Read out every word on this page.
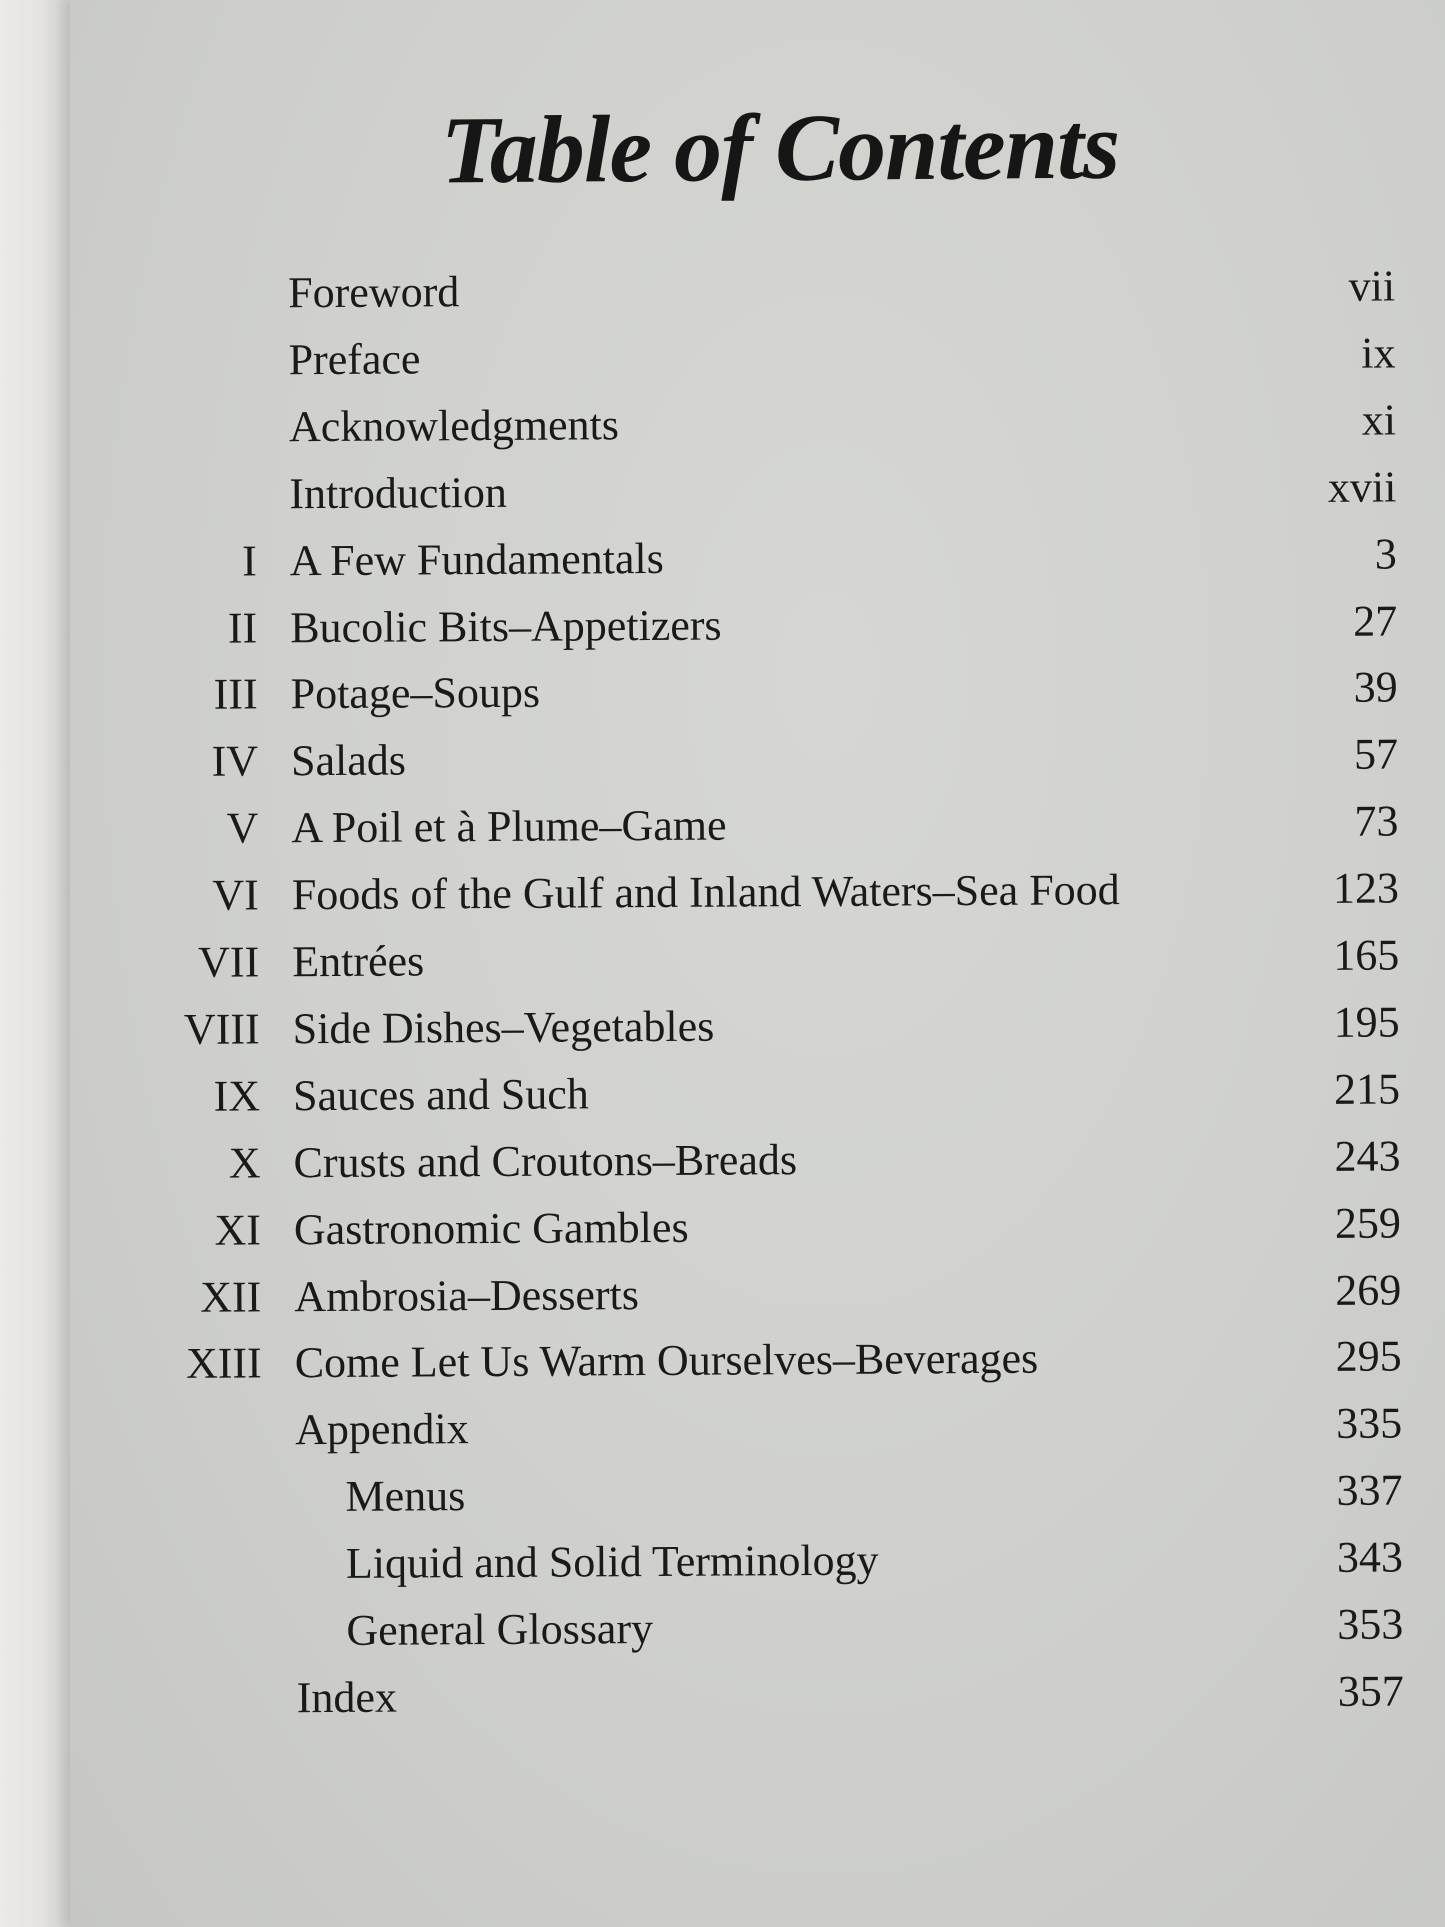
Table of Contents
Foreword	vii
Preface	ix
Acknowledgments	xi
Introduction	xvii
I A Few Fundamentals	3
II Bucolic Bits–Appetizers	27
III Potage–Soups	39
IV Salads	57
V A Poil et à Plume–Game	73
VI Foods of the Gulf and Inland Waters–Sea Food	123
VII Entrées	165
VIII Side Dishes–Vegetables	195
IX Sauces and Such	215
X Crusts and Croutons–Breads	243
XI Gastronomic Gambles	259
XII Ambrosia–Desserts	269
XIII Come Let Us Warm Ourselves–Beverages	295
Appendix	335
Menus	337
Liquid and Solid Terminology	343
General Glossary	353
Index	357
